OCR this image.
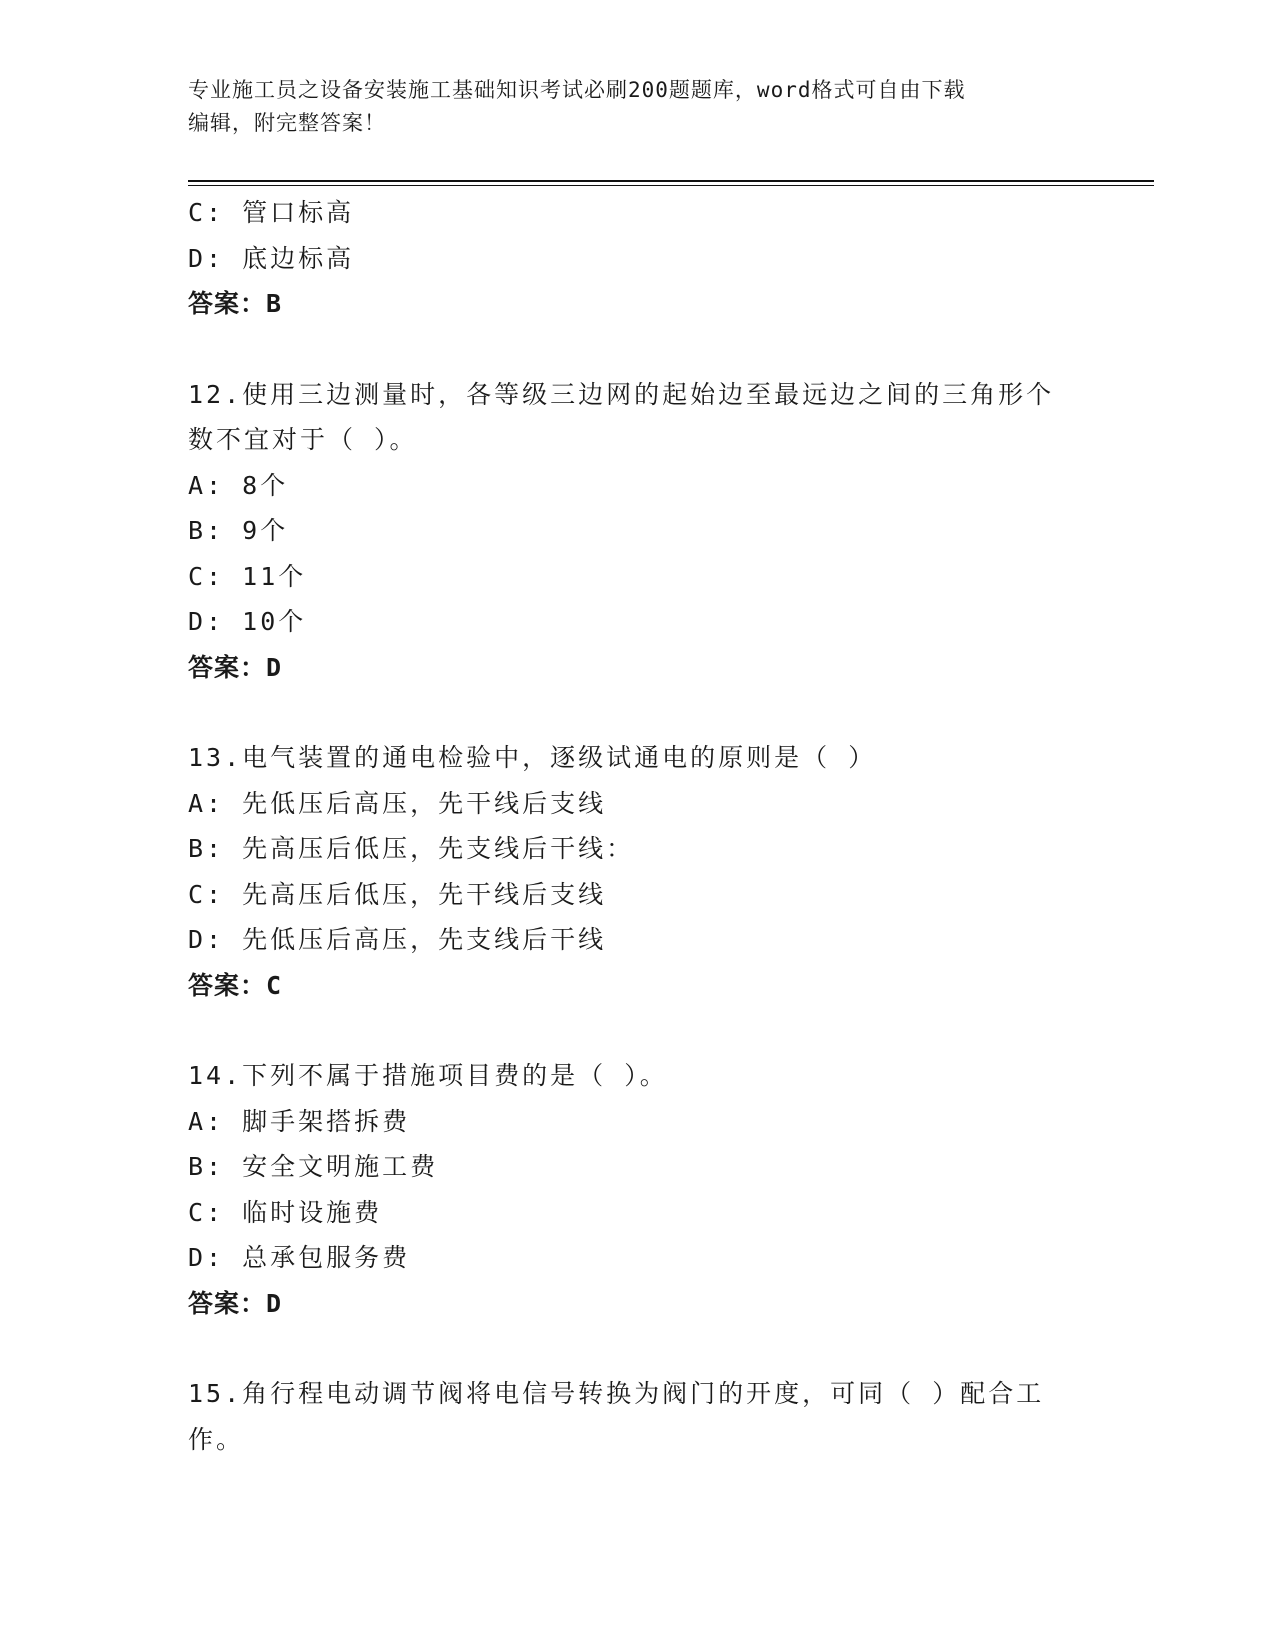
专业施工员之设备安装施工基础知识考试必刷200题题库，word格式可自由下载
编辑，附完整答案！
C: 管口标高
D: 底边标高
答案：B
12.使用三边测量时，各等级三边网的起始边至最远边之间的三角形个
数不宜对于（ ）。
A: 8个
B: 9个
C: 11个
D: 10个
答案：D
13.电气装置的通电检验中，逐级试通电的原则是（ ）
A: 先低压后高压，先干线后支线
B: 先高压后低压，先支线后干线：
C: 先高压后低压，先干线后支线
D: 先低压后高压，先支线后干线
答案：C
14.下列不属于措施项目费的是（ ）。
A: 脚手架搭拆费
B: 安全文明施工费
C: 临时设施费
D: 总承包服务费
答案：D
15.角行程电动调节阀将电信号转换为阀门的开度，可同（ ）配合工
作。
